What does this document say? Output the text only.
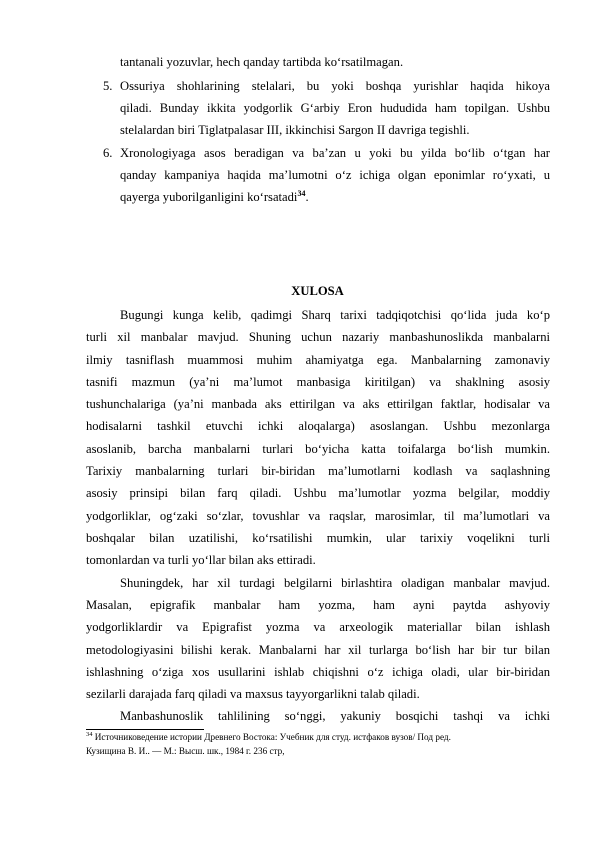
tantanali yozuvlar, hech qanday tartibda ko‘rsatilmagan.
5. Ossuriya shohlarining stelalari, bu yoki boshqa yurishlar haqida hikoya
qiladi. Bunday ikkita yodgorlik G‘arbiy Eron hududida ham topilgan. Ushbu
stelalardan biri Tiglatpalasar III, ikkinchisi Sargon II davriga tegishli.
6. Xronologiyaga asos beradigan va ba’zan u yoki bu yilda bo‘lib o‘tgan har
qanday kampaniya haqida ma’lumotni o‘z ichiga olgan eponimlar ro‘yxati, u
qayerga yuborilganligini ko‘rsatadi$^{34}$.
XULOSA
Bugungi kunga kelib, qadimgi Sharq tarixi tadqiqotchisi qo‘lida juda ko‘p
turli xil manbalar mavjud. Shuning uchun nazariy manbashunoslikda manbalarni
ilmiy tasniflash muammosi muhim ahamiyatga ega. Manbalarning zamonaviy
tasnifi mazmun (ya’ni ma’lumot manbasiga kiritilgan) va shaklning asosiy
tushunchalariga (ya’ni manbada aks ettirilgan va aks ettirilgan faktlar, hodisalar va
hodisalarni tashkil etuvchi ichki aloqalarga) asoslangan. Ushbu mezonlarga
asoslanib, barcha manbalarni turlari bo‘yicha katta toifalarga bo‘lish mumkin.
Tarixiy manbalarning turlari bir-biridan ma’lumotlarni kodlash va saqlashning
asosiy prinsipi bilan farq qiladi. Ushbu ma’lumotlar yozma belgilar, moddiy
yodgorliklar, og‘zaki so‘zlar, tovushlar va raqslar, marosimlar, til ma’lumotlari va
boshqalar bilan uzatilishi, ko‘rsatilishi mumkin, ular tarixiy voqelikni turli
tomonlardan va turli yo‘llar bilan aks ettiradi.
Shuningdek, har xil turdagi belgilarni birlashtira oladigan manbalar mavjud.
Masalan, epigrafik manbalar ham yozma, ham ayni paytda ashyoviy
yodgorliklardir va Epigrafist yozma va arxeologik materiallar bilan ishlash
metodologiyasini bilishi kerak. Manbalarni har xil turlarga bo‘lish har bir tur bilan
ishlashning o‘ziga xos usullarini ishlab chiqishni o‘z ichiga oladi, ular bir-biridan
sezilarli darajada farq qiladi va maxsus tayyorgarlikni talab qiladi.
Manbashunoslik tahlilining so‘nggi, yakuniy bosqichi tashqi va ichki
$^{34}$ Источниковедение истории Древнего Востока: Учебник для студ. истфаков вузов/ Под ред.
Кузищина В. И.. — М.: Высш. шк., 1984 г. 236 стр,
